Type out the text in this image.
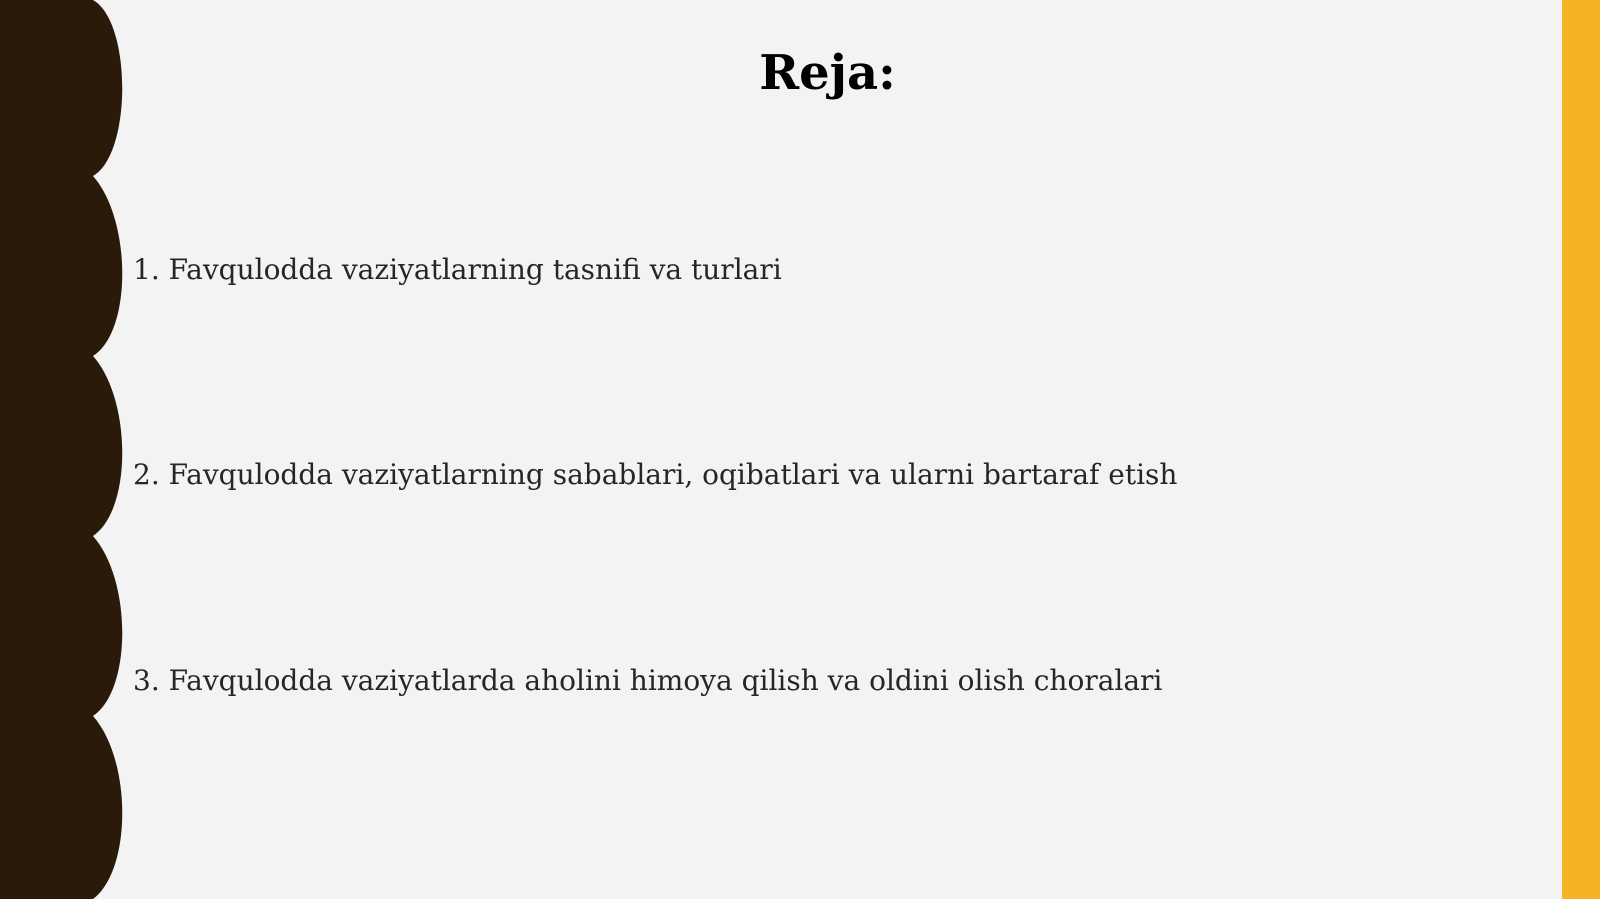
Reja:

1. Favqulodda vaziyatlarning tasnifi va turlari

2. Favqulodda vaziyatlarning sabablari, oqibatlari va ularni bartaraf etish

3. Favqulodda vaziyatlarda aholini himoya qilish va oldini olish choralari
